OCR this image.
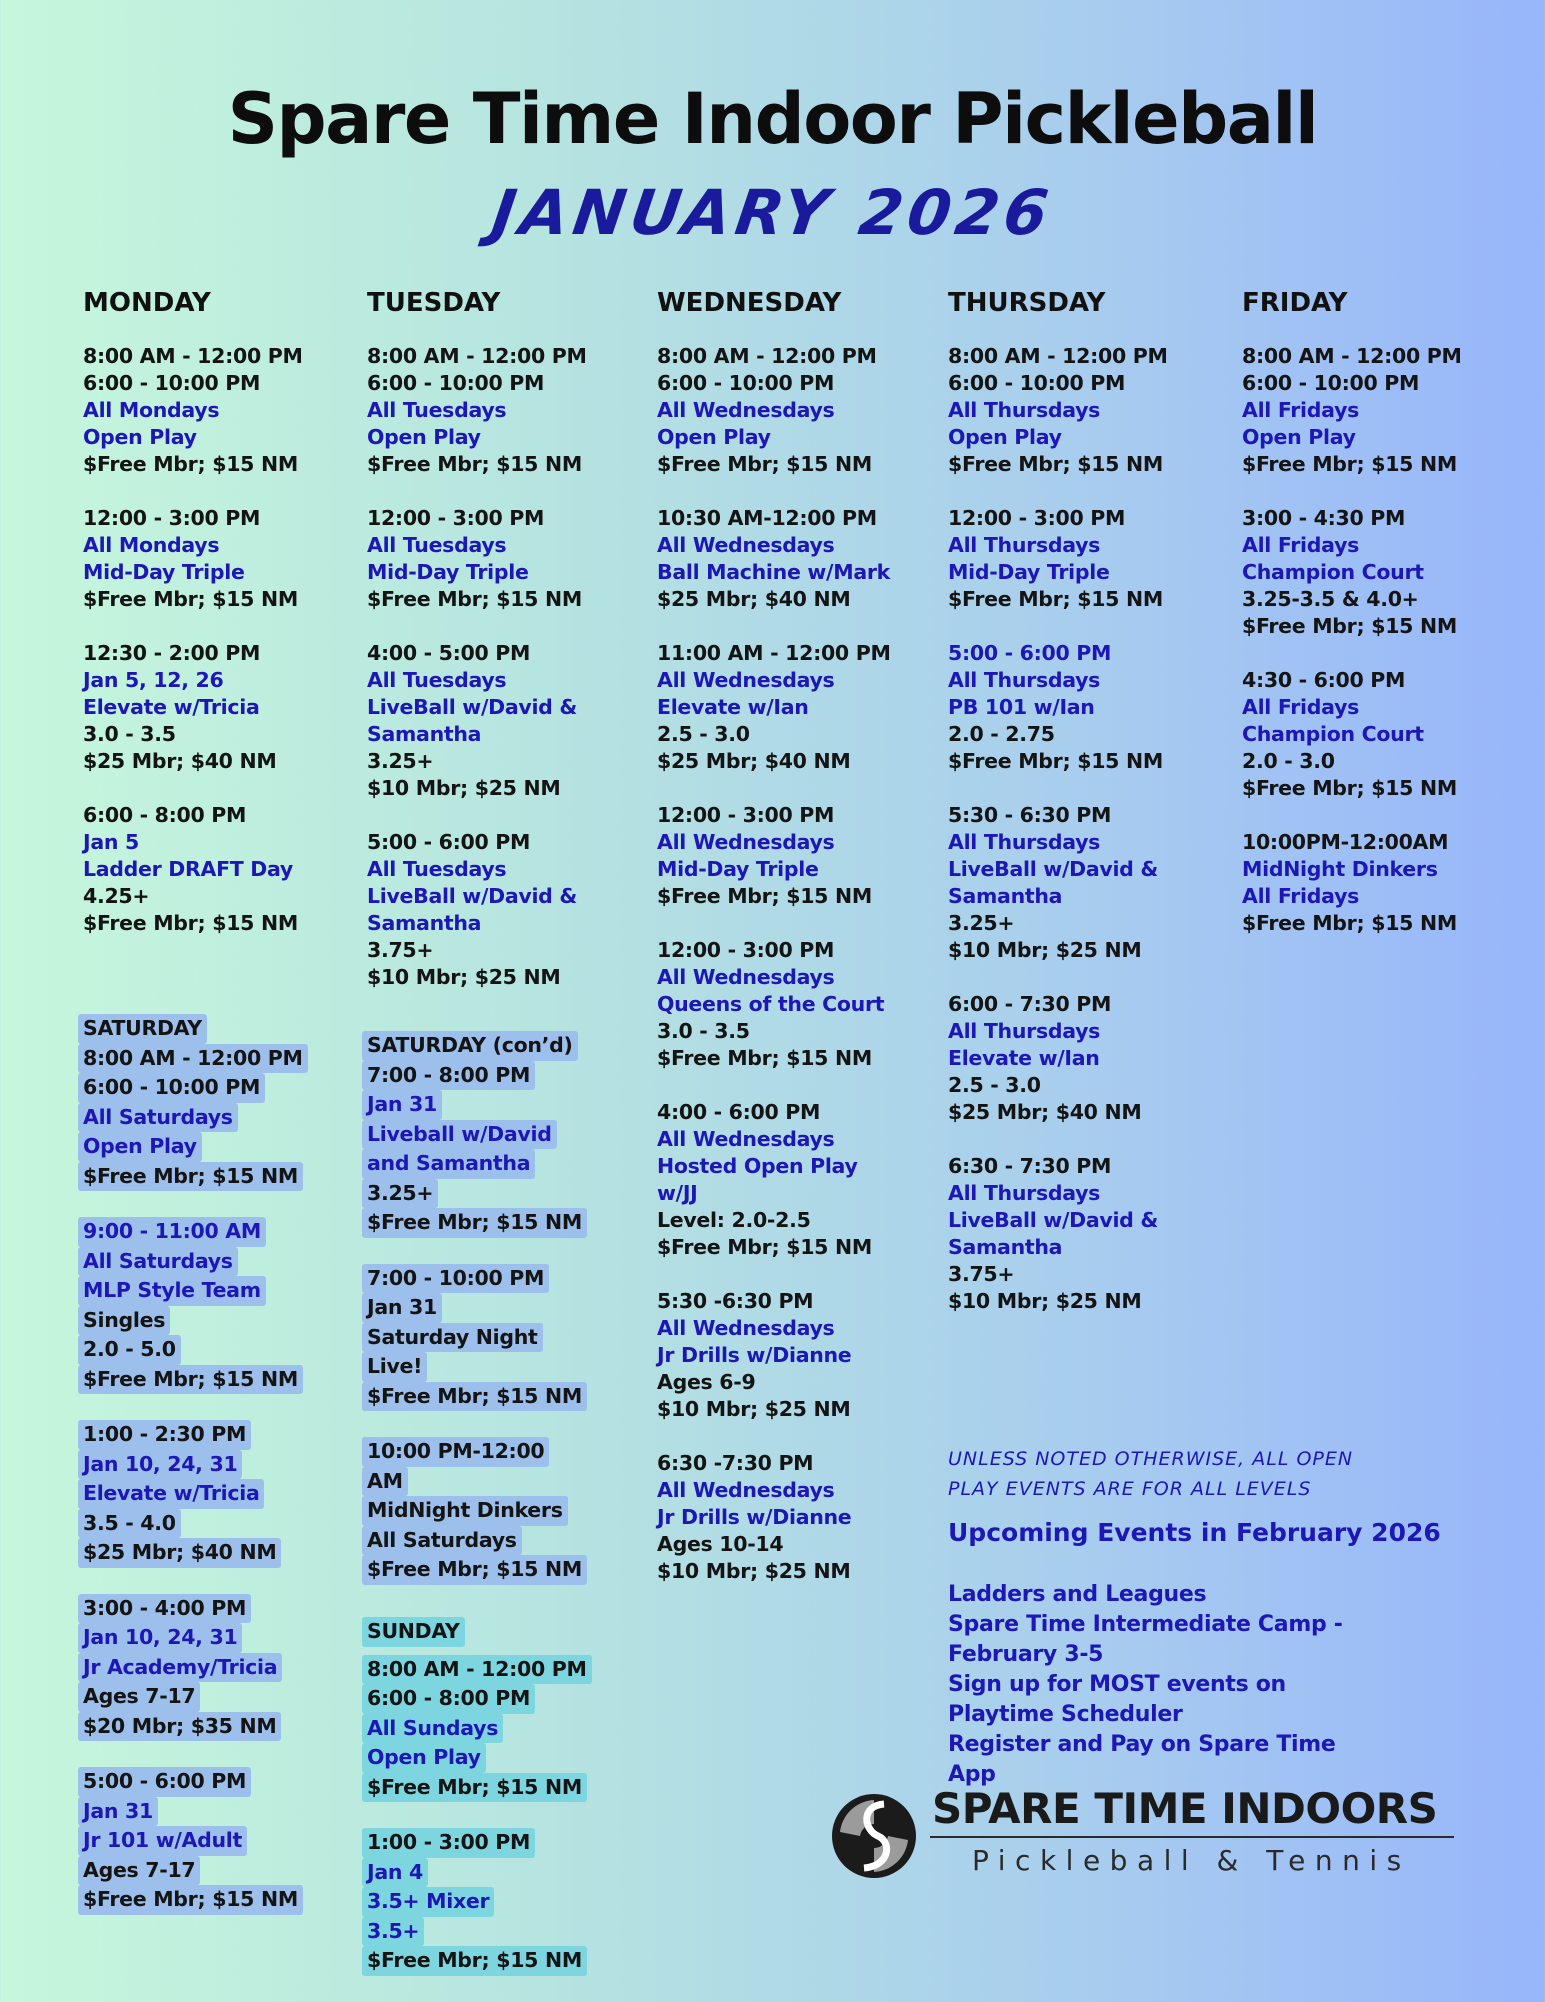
Spare Time Indoor Pickleball
JANUARY 2026
MONDAY
8:00 AM - 12:00 PM
6:00 - 10:00 PM
All Mondays
Open Play
$Free Mbr; $15 NM
12:00 - 3:00 PM
All Mondays
Mid-Day Triple
$Free Mbr; $15 NM
12:30 - 2:00 PM
Jan 5, 12, 26
Elevate w/Tricia
3.0 - 3.5
$25 Mbr; $40 NM
6:00 - 8:00 PM
Jan 5
Ladder DRAFT Day
4.25+
$Free Mbr; $15 NM
TUESDAY
8:00 AM - 12:00 PM
6:00 - 10:00 PM
All Tuesdays
Open Play
$Free Mbr; $15 NM
12:00 - 3:00 PM
All Tuesdays
Mid-Day Triple
$Free Mbr; $15 NM
4:00 - 5:00 PM
All Tuesdays
LiveBall w/David &
Samantha
3.25+
$10 Mbr; $25 NM
5:00 - 6:00 PM
All Tuesdays
LiveBall w/David &
Samantha
3.75+
$10 Mbr; $25 NM
WEDNESDAY
8:00 AM - 12:00 PM
6:00 - 10:00 PM
All Wednesdays
Open Play
$Free Mbr; $15 NM
10:30 AM-12:00 PM
All Wednesdays
Ball Machine w/Mark
$25 Mbr; $40 NM
11:00 AM - 12:00 PM
All Wednesdays
Elevate w/Ian
2.5 - 3.0
$25 Mbr; $40 NM
12:00 - 3:00 PM
All Wednesdays
Mid-Day Triple
$Free Mbr; $15 NM
12:00 - 3:00 PM
All Wednesdays
Queens of the Court
3.0 - 3.5
$Free Mbr; $15 NM
4:00 - 6:00 PM
All Wednesdays
Hosted Open Play
w/JJ
Level: 2.0-2.5
$Free Mbr; $15 NM
5:30 -6:30 PM
All Wednesdays
Jr Drills w/Dianne
Ages 6-9
$10 Mbr; $25 NM
6:30 -7:30 PM
All Wednesdays
Jr Drills w/Dianne
Ages 10-14
$10 Mbr; $25 NM
THURSDAY
8:00 AM - 12:00 PM
6:00 - 10:00 PM
All Thursdays
Open Play
$Free Mbr; $15 NM
12:00 - 3:00 PM
All Thursdays
Mid-Day Triple
$Free Mbr; $15 NM
5:00 - 6:00 PM
All Thursdays
PB 101 w/Ian
2.0 - 2.75
$Free Mbr; $15 NM
5:30 - 6:30 PM
All Thursdays
LiveBall w/David &
Samantha
3.25+
$10 Mbr; $25 NM
6:00 - 7:30 PM
All Thursdays
Elevate w/Ian
2.5 - 3.0
$25 Mbr; $40 NM
6:30 - 7:30 PM
All Thursdays
LiveBall w/David &
Samantha
3.75+
$10 Mbr; $25 NM
FRIDAY
8:00 AM - 12:00 PM
6:00 - 10:00 PM
All Fridays
Open Play
$Free Mbr; $15 NM
3:00 - 4:30 PM
All Fridays
Champion Court
3.25-3.5 & 4.0+
$Free Mbr; $15 NM
4:30 - 6:00 PM
All Fridays
Champion Court
2.0 - 3.0
$Free Mbr; $15 NM
10:00PM-12:00AM
MidNight Dinkers
All Fridays
$Free Mbr; $15 NM
SATURDAY
8:00 AM - 12:00 PM
6:00 - 10:00 PM
All Saturdays
Open Play
$Free Mbr; $15 NM
9:00 - 11:00 AM
All Saturdays
MLP Style Team
Singles
2.0 - 5.0
$Free Mbr; $15 NM
1:00 - 2:30 PM
Jan 10, 24, 31
Elevate w/Tricia
3.5 - 4.0
$25 Mbr; $40 NM
3:00 - 4:00 PM
Jan 10, 24, 31
Jr Academy/Tricia
Ages 7-17
$20 Mbr; $35 NM
5:00 - 6:00 PM
Jan 31
Jr 101 w/Adult
Ages 7-17
$Free Mbr; $15 NM
SATURDAY (con’d)
7:00 - 8:00 PM
Jan 31
Liveball w/David
and Samantha
3.25+
$Free Mbr; $15 NM
7:00 - 10:00 PM
Jan 31
Saturday Night
Live!
$Free Mbr; $15 NM
10:00 PM-12:00
AM
MidNight Dinkers
All Saturdays
$Free Mbr; $15 NM
SUNDAY
8:00 AM - 12:00 PM
6:00 - 8:00 PM
All Sundays
Open Play
$Free Mbr; $15 NM
1:00 - 3:00 PM
Jan 4
3.5+ Mixer
3.5+
$Free Mbr; $15 NM
UNLESS NOTED OTHERWISE, ALL OPEN PLAY EVENTS ARE FOR ALL LEVELS
Upcoming Events in February 2026
Ladders and Leagues
Spare Time Intermediate Camp - February 3-5
Sign up for MOST events on Playtime Scheduler
Register and Pay on Spare Time App
SPARE TIME INDOORS
Pickleball & Tennis
